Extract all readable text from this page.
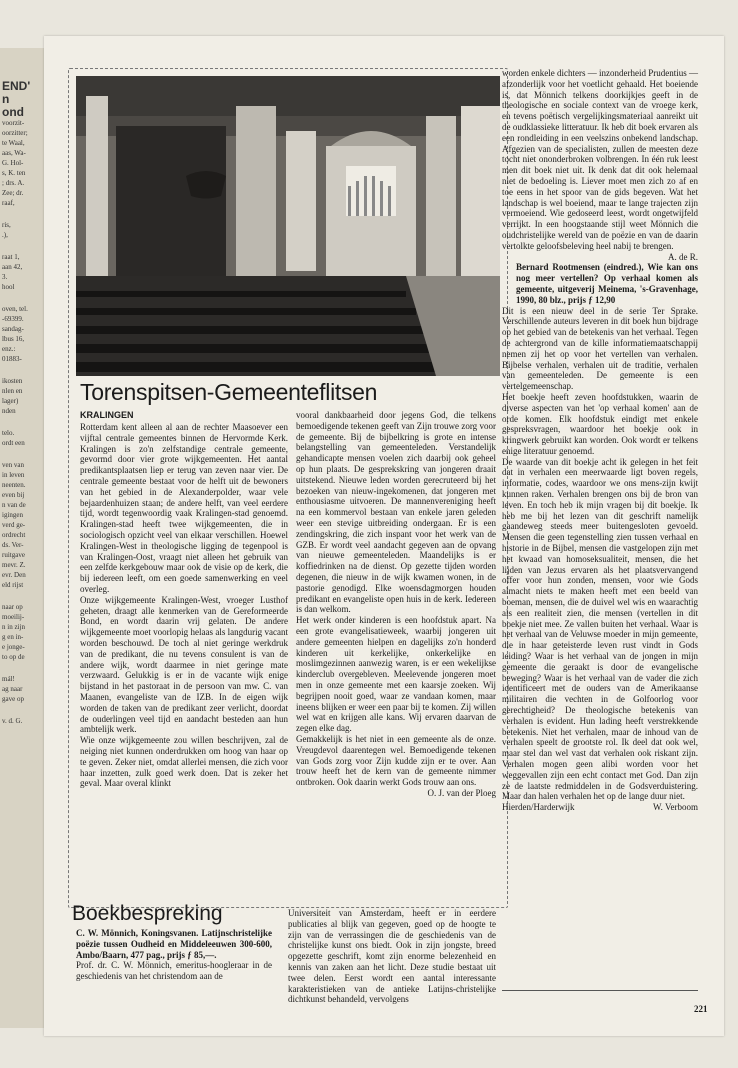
END'

n

ond

voorzit-

oorzitter;

te Waal,

aas, Wa-

G. Hol-

s, K. ten

; drs. A.

Zee; dr.

raaf,

ris,

.),

raat 1,

aan 42,

3.

hool

oven, tel.

-69399.

sandag-

lbus 16,

enz.:

01883-

ikosten

nlen en

lager)

nden

telo.

ordt een

ven van

in leven

neenten.

even bij

n van de

igingen

verd ge-

ordrecht

ds. Ver-

ruitgave

mevr. Z.

evr. Den

eld rijst

naar op

moeilij-

n in zijn

g en in-

e jonge-

to op de

mál!

ag naar

gave op

v. d. G.

Torenspitsen-Gemeenteflitsen

KRALINGEN

Rotterdam kent alleen al aan de rechter Maasoever een vijftal centrale gemeentes binnen de Hervormde Kerk. Kralingen is zo'n zelfstandige centrale gemeente, gevormd door vier grote wijkgemeenten. Het aantal predikantsplaatsen liep er terug van zeven naar vier. De centrale gemeente bestaat voor de helft uit de bewoners van het gebied in de Alexanderpolder, waar vele bejaardenhuizen staan; de andere helft, van veel eerdere tijd, wordt tegenwoordig vaak Kralingen-stad genoemd. Kralingen-stad heeft twee wijkgemeenten, die in sociologisch opzicht veel van elkaar verschillen. Hoewel Kralingen-West in theologische ligging de tegenpool is van Kralingen-Oost, vraagt niet alleen het gebruik van een zelfde kerkgebouw maar ook de visie op de kerk, die bij iedereen leeft, om een goede samenwerking en veel overleg.

Onze wijkgemeente Kralingen-West, vroeger Lusthof geheten, draagt alle kenmerken van de Gereformeerde Bond, en wordt daarin vrij gelaten. De andere wijkgemeente moet voorlopig helaas als langdurig vacant worden beschouwd. De toch al niet geringe werkdruk van de predikant, die nu tevens consulent is van de andere wijk, wordt daarmee in niet geringe mate verzwaard. Gelukkig is er in de vacante wijk enige bijstand in het pastoraat in de persoon van mw. C. van Maanen, evangeliste van de IZB. In de eigen wijk worden de taken van de predikant zeer verlicht, doordat de ouderlingen veel tijd en aandacht besteden aan hun ambtelijk werk.

Wie onze wijkgemeente zou willen beschrijven, zal de neiging niet kunnen onderdrukken om hoog van haar op te geven. Zeker niet, omdat allerlei mensen, die zich voor haar inzetten, zulk goed werk doen. Dat is zeker het geval. Maar overal klinkt

vooral dankbaarheid door jegens God, die telkens bemoedigende tekenen geeft van Zijn trouwe zorg voor de gemeente. Bij de bijbelkring is grote en intense belangstelling van gemeenteleden. Verstandelijk gehandicapte mensen voelen zich daarbij ook geheel op hun plaats. De gesprekskring van jongeren draait uitstekend. Nieuwe leden worden gerecruteerd bij het bezoeken van nieuw-ingekomenen, dat jongeren met enthousiasme uitvoeren. De mannenvereniging heeft na een kommervol bestaan van enkele jaren geleden weer een stevige uitbreiding ondergaan. Er is een zendingskring, die zich inspant voor het werk van de GZB. Er wordt veel aandacht gegeven aan de opvang van nieuwe gemeenteleden. Maandelijks is er koffiedrinken na de dienst. Op gezette tijden worden degenen, die nieuw in de wijk kwamen wonen, in de pastorie genodigd. Elke woensdagmorgen houden predikant en evangeliste open huis in de kerk. Iedereen is dan welkom.

Het werk onder kinderen is een hoofdstuk apart. Na een grote evangelisatieweek, waarbij jongeren uit andere gemeenten hielpen en dagelijks zo'n honderd kinderen uit kerkelijke, onkerkelijke en moslimgezinnen aanwezig waren, is er een wekelijkse kinderclub overgebleven. Meelevende jongeren moet men in onze gemeente met een kaarsje zoeken. Wij begrijpen nooit goed, waar ze vandaan komen, maar ineens blijken er weer een paar bij te komen. Zij willen wel wat en krijgen alle kans. Wij ervaren daarvan de zegen elke dag.

Gemakkelijk is het niet in een gemeente als de onze. Vreugdevol daarentegen wel. Bemoedigende tekenen van Gods zorg voor Zijn kudde zijn er te over. Aan trouw heeft het de kern van de gemeente nimmer ontbroken. Ook daarin werkt Gods trouw aan ons.

O. J. van der Ploeg

Boekbespreking

C. W. Mönnich, Koningsvanen. Latijnschristelijke poëzie tussen Oudheid en Middeleeuwen 300-600, Ambo/Baarn, 477 pag., prijs ƒ 85,—.

Prof. dr. C. W. Mönnich, emeritus-hoogleraar in de geschiedenis van het christendom aan de

Universiteit van Amsterdam, heeft er in eerdere publicaties al blijk van gegeven, goed op de hoogte te zijn van de verrassingen die de geschiedenis van de christelijke kunst ons biedt. Ook in zijn jongste, breed opgezette geschrift, komt zijn enorme belezenheid en kennis van zaken aan het licht. Deze studie bestaat uit twee delen. Eerst wordt een aantal interessante karakteristieken van de antieke Latijns-christelijke dichtkunst behandeld, vervolgens

worden enkele dichters — inzonderheid Prudentius — afzonderlijk voor het voetlicht gehaald. Het boeiende is, dat Mönnich telkens doorkijkjes geeft in de theologische en sociale context van de vroege kerk, en tevens poëtisch vergelijkingsmateriaal aanreikt uit de oudklassieke litteratuur. Ik heb dit boek ervaren als een rondleiding in een veelszins onbekend landschap. Afgezien van de specialisten, zullen de meesten deze tocht niet ononderbroken volbrengen. In één ruk leest men dit boek niet uit. Ik denk dat dit ook helemaal niet de bedoeling is. Liever moet men zich zo af en toe eens in het spoor van de gids begeven. Wat het landschap is wel boeiend, maar te lange trajecten zijn vermoeiend. Wie gedoseerd leest, wordt ongetwijfeld verrijkt. In een hoogstaande stijl weet Mönnich die oudchristelijke wereld van de poëzie en van de daarin vertolkte geloofsbeleving heel nabij te brengen.

A. de R.

Bernard Rootmensen (eindred.), Wie kan ons nog meer vertellen? Op verhaal komen als gemeente, uitgeverij Meinema, 's-Gravenhage, 1990, 80 blz., prijs ƒ 12,90

Dit is een nieuw deel in de serie Ter Sprake. Verschillende auteurs leveren in dit boek hun bijdrage op het gebied van de betekenis van het verhaal. Tegen de achtergrond van de kille informatiemaatschappij nemen zij het op voor het vertellen van verhalen. Bijbelse verhalen, verhalen uit de traditie, verhalen van gemeenteleden. De gemeente is een vertelgemeenschap.

Het boekje heeft zeven hoofdstukken, waarin de diverse aspecten van het 'op verhaal komen' aan de orde komen. Elk hoofdstuk eindigt met enkele gespreksvragen, waardoor het boekje ook in kringwerk gebruikt kan worden. Ook wordt er telkens enige literatuur genoemd.

De waarde van dit boekje acht ik gelegen in het feit dat in verhalen een meerwaarde ligt boven regels, informatie, codes, waardoor we ons mens-zijn kwijt kunnen raken. Verhalen brengen ons bij de bron van leven. En toch heb ik mijn vragen bij dit boekje. Ik heb me bij het lezen van dit geschrift namelijk gaandeweg steeds meer buitengesloten gevoeld. Mensen die geen tegenstelling zien tussen verhaal en historie in de Bijbel, mensen die vastgelopen zijn met het kwaad van homoseksualiteit, mensen, die het lijden van Jezus ervaren als het plaatsvervangend offer voor hun zonden, mensen, voor wie Gods almacht niets te maken heeft met een beeld van boeman, mensen, die de duivel wel wis en waarachtig als een realiteit zien, die mensen (vertellen in dit boekje niet mee. Ze vallen buiten het verhaal. Waar is het verhaal van de Veluwse moeder in mijn gemeente, die in haar geteisterde leven rust vindt in Gods leiding? Waar is het verhaal van de jongen in mijn gemeente die geraakt is door de evangelische beweging? Waar is het verhaal van de vader die zich identificeert met de ouders van de Amerikaanse militairen die vechten in de Golfoorlog voor gerechtigheid? De theologische betekenis van verhalen is evident. Hun lading heeft verstrekkende betekenis. Niet het verhalen, maar de inhoud van de verhalen speelt de grootste rol. Ik deel dat ook wel, maar stel dan wel vast dat verhalen ook riskant zijn. Verhalen mogen geen alibi worden voor het weggevallen zijn een echt contact met God. Dan zijn ze de laatste redmiddelen in de Godsverduistering. Maar dan halen verhalen het op de lange duur niet.

Hierden/Harderwijk	W. Verboom

221
